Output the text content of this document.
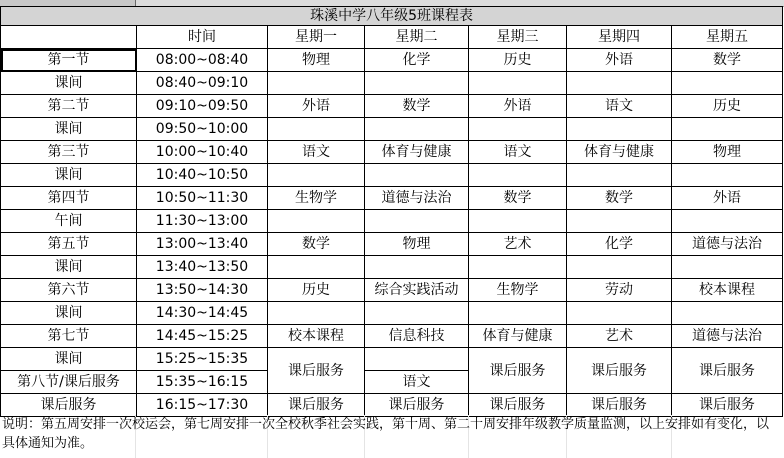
珠溪中学八年级5班课程表						
	时间	星期一	星期二	星期三	星期四	星期五
第一节	08:00~08:40	物理	化学	历史	外语	数学
课间	08:40~09:10					
第二节	09:10~09:50	外语	数学	外语	语文	历史
课间	09:50~10:00					
第三节	10:00~10:40	语文	体育与健康	语文	体育与健康	物理
课间	10:40~10:50					
第四节	10:50~11:30	生物学	道德与法治	数学	数学	外语
午间	11:30~13:00					
第五节	13:00~13:40	数学	物理	艺术	化学	道德与法治
课间	13:40~13:50					
第六节	13:50~14:30	历史	综合实践活动	生物学	劳动	校本课程
课间	14:30~14:45					
第七节	14:45~15:25	校本课程	信息科技	体育与健康	艺术	道德与法治
课间	15:25~15:35	课后服务		课后服务	课后服务	课后服务
第八节/课后服务	15:35~16:15		语文			
课后服务	16:15~17:30	课后服务	课后服务	课后服务	课后服务	课后服务
说明：第五周安排一次校运会，第七周安排一次全校秋季社会实践，第十周、第二十周安排年级教学质量监测，以上安排如有变化，以具体通知为准。
